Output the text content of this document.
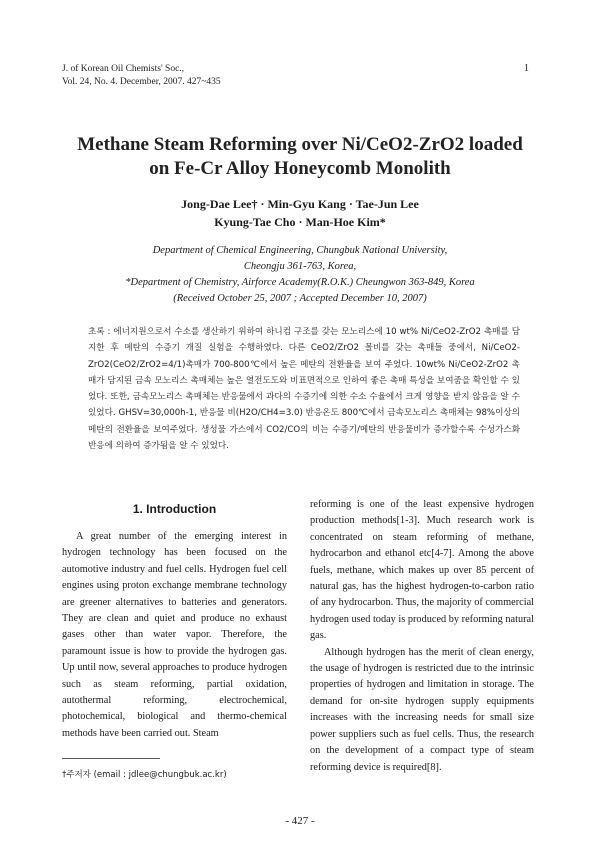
J. of Korean Oil Chemists' Soc.,
Vol. 24, No. 4. December, 2007. 427~435
1
Methane Steam Reforming over Ni/CeO2-ZrO2 loaded
on Fe-Cr Alloy Honeycomb Monolith
Jong-Dae Lee† · Min-Gyu Kang · Tae-Jun Lee
Kyung-Tae Cho · Man-Hoe Kim*
Department of Chemical Engineering, Chungbuk National University,
Cheongju 361-763, Korea,
*Department of Chemistry, Airforce Academy(R.O.K.) Cheungwon 363-849, Korea
(Received October 25, 2007 ; Accepted December 10, 2007)
초록 : 에너지원으로서 수소를 생산하기 위하여 하니컴 구조를 갖는 모노리스에 10 wt% Ni/CeO2-ZrO2 촉매를 담지한 후 메탄의 수증기 개질 실험을 수행하였다. 다른 CeO2/ZrO2 몰비를 갖는 촉매들 중에서, Ni/CeO2-ZrO2(CeO2/ZrO2=4/1)촉매가 700-800℃에서 높은 메탄의 전환율을 보여 주었다. 10wt% Ni/CeO2-ZrO2 촉매가 담지된 금속 모노리스 촉매체는 높은 열전도도와 비표면적으로 인하여 좋은 촉매 특성을 보여줌을 확인할 수 있었다. 또한, 금속모노리스 촉매체는 반응물에서 과다의 수증기에 의한 수소 수율에서 크게 영향을 받지 않음을 알 수 있었다. GHSV=30,000h-1, 반응물 비(H2O/CH4=3.0) 반응온도 800℃에서 금속모노리스 촉매체는 98%이상의 메탄의 전환율을 보여주었다. 생성물 가스에서 CO2/CO의 비는 수증기/메탄의 반응물비가 증가할수록 수성가스화 반응에 의하여 증가됨을 알 수 있었다.
1. Introduction

A great number of the emerging interest in hydrogen technology has been focused on the automotive industry and fuel cells. Hydrogen fuel cell engines using proton exchange membrane technology are greener alternatives to batteries and generators. They are clean and quiet and produce no exhaust gases other than water vapor. Therefore, the paramount issue is how to provide the hydrogen gas. Up until now, several approaches to produce hydrogen such as steam reforming, partial oxidation, autothermal reforming, electrochemical, photochemical, biological and thermo-chemical methods have been carried out. Steam

reforming is one of the least expensive hydrogen production methods[1-3]. Much research work is concentrated on steam reforming of methane, hydrocarbon and ethanol etc[4-7]. Among the above fuels, methane, which makes up over 85 percent of natural gas, has the highest hydrogen-to-carbon ratio of any hydrocarbon. Thus, the majority of commercial hydrogen used today is produced by reforming natural gas.

Although hydrogen has the merit of clean energy, the usage of hydrogen is restricted due to the intrinsic properties of hydrogen and limitation in storage. The demand for on-site hydrogen supply equipments increases with the increasing needs for small size power suppliers such as fuel cells. Thus, the research on the development of a compact type of steam reforming device is required[8].

†주저자 (email : jdlee@chungbuk.ac.kr)
- 427 -
